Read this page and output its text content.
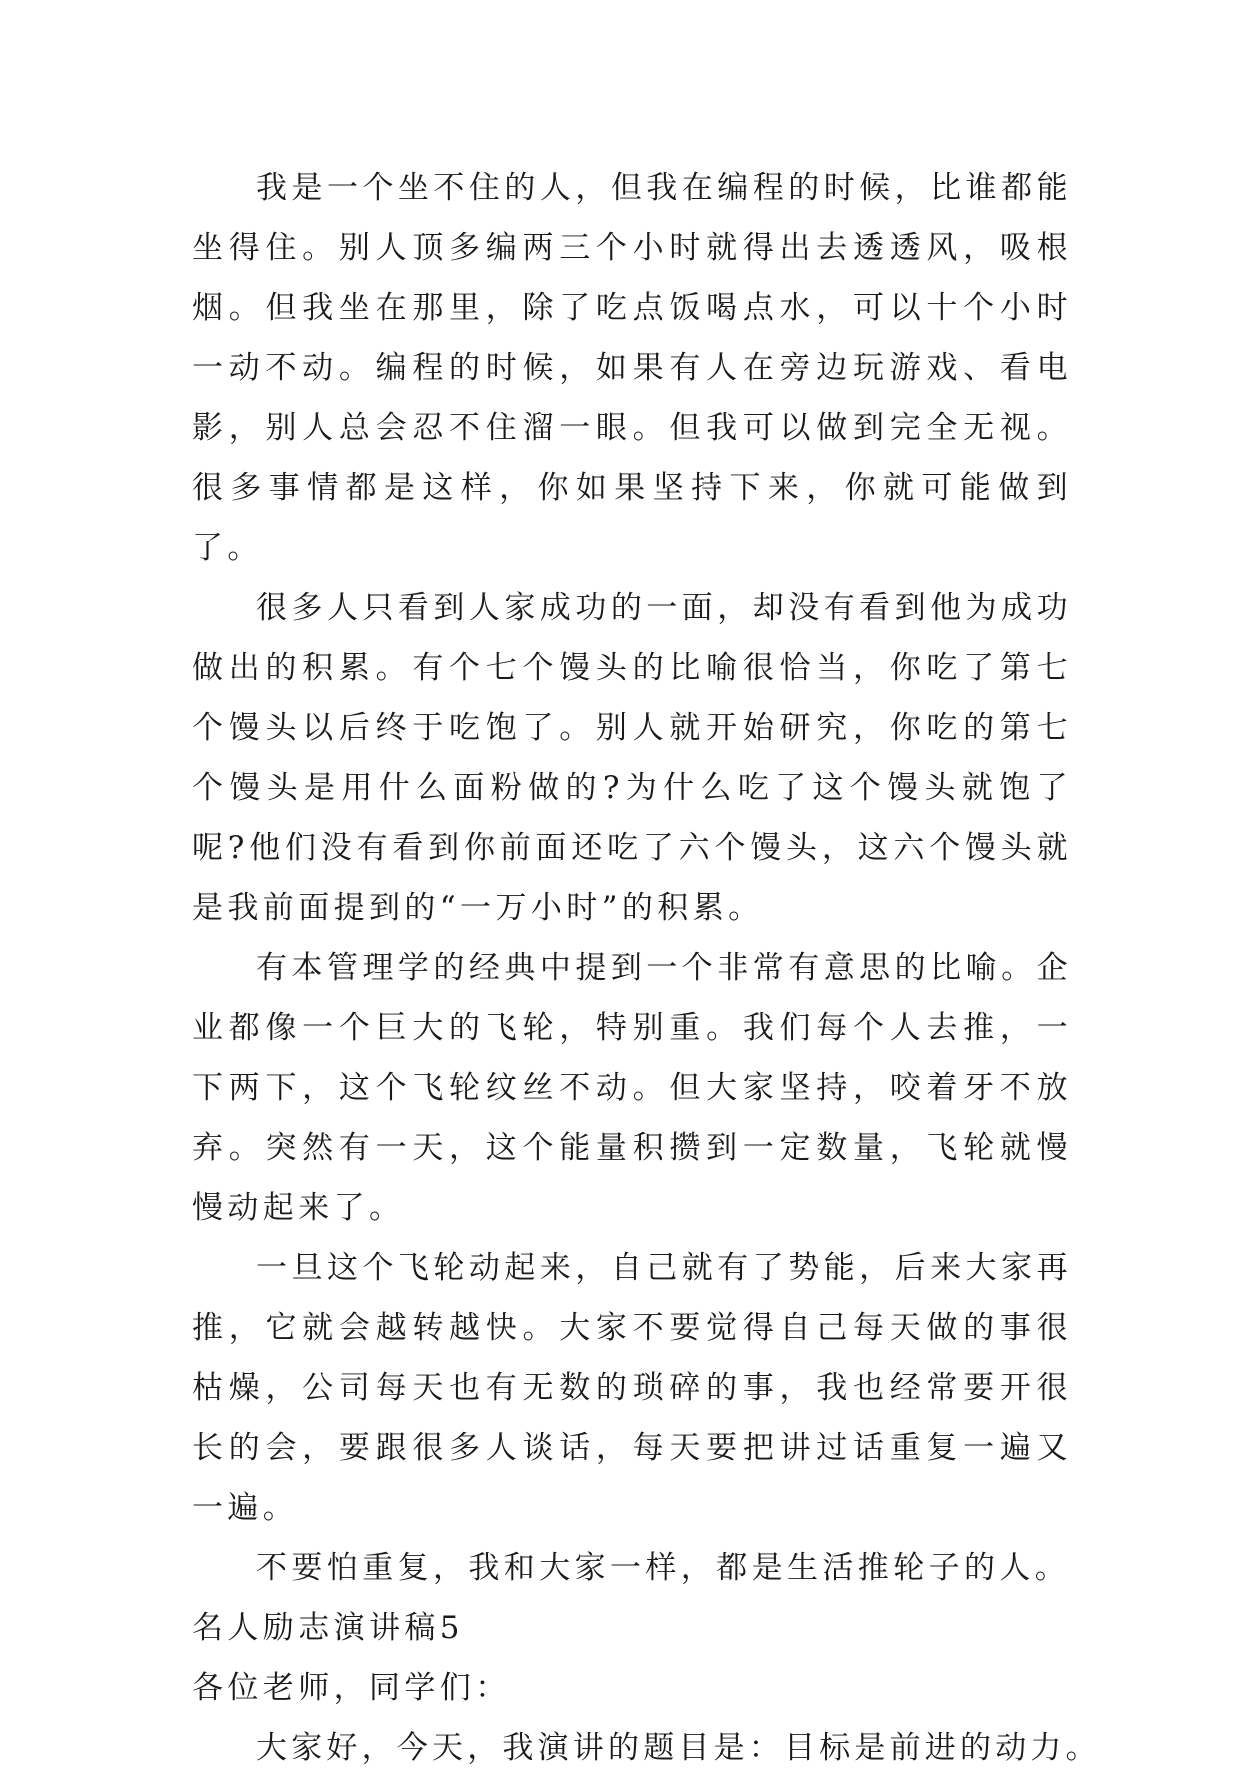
我是一个坐不住的人，但我在编程的时候，比谁都能坐得住。别人顶多编两三个小时就得出去透透风，吸根烟。但我坐在那里，除了吃点饭喝点水，可以十个小时一动不动。编程的时候，如果有人在旁边玩游戏、看电影，别人总会忍不住溜一眼。但我可以做到完全无视。很多事情都是这样，你如果坚持下来，你就可能做到了。

很多人只看到人家成功的一面，却没有看到他为成功做出的积累。有个七个馒头的比喻很恰当，你吃了第七个馒头以后终于吃饱了。别人就开始研究，你吃的第七个馒头是用什么面粉做的?为什么吃了这个馒头就饱了呢?他们没有看到你前面还吃了六个馒头，这六个馒头就是我前面提到的“一万小时”的积累。

有本管理学的经典中提到一个非常有意思的比喻。企业都像一个巨大的飞轮，特别重。我们每个人去推，一下两下，这个飞轮纹丝不动。但大家坚持，咬着牙不放弃。突然有一天，这个能量积攒到一定数量，飞轮就慢慢动起来了。

一旦这个飞轮动起来，自己就有了势能，后来大家再推，它就会越转越快。大家不要觉得自己每天做的事很枯燥，公司每天也有无数的琐碎的事，我也经常要开很长的会，要跟很多人谈话，每天要把讲过话重复一遍又一遍。

不要怕重复，我和大家一样，都是生活推轮子的人。

名人励志演讲稿5

各位老师，同学们：

大家好，今天，我演讲的题目是：目标是前进的动力。
